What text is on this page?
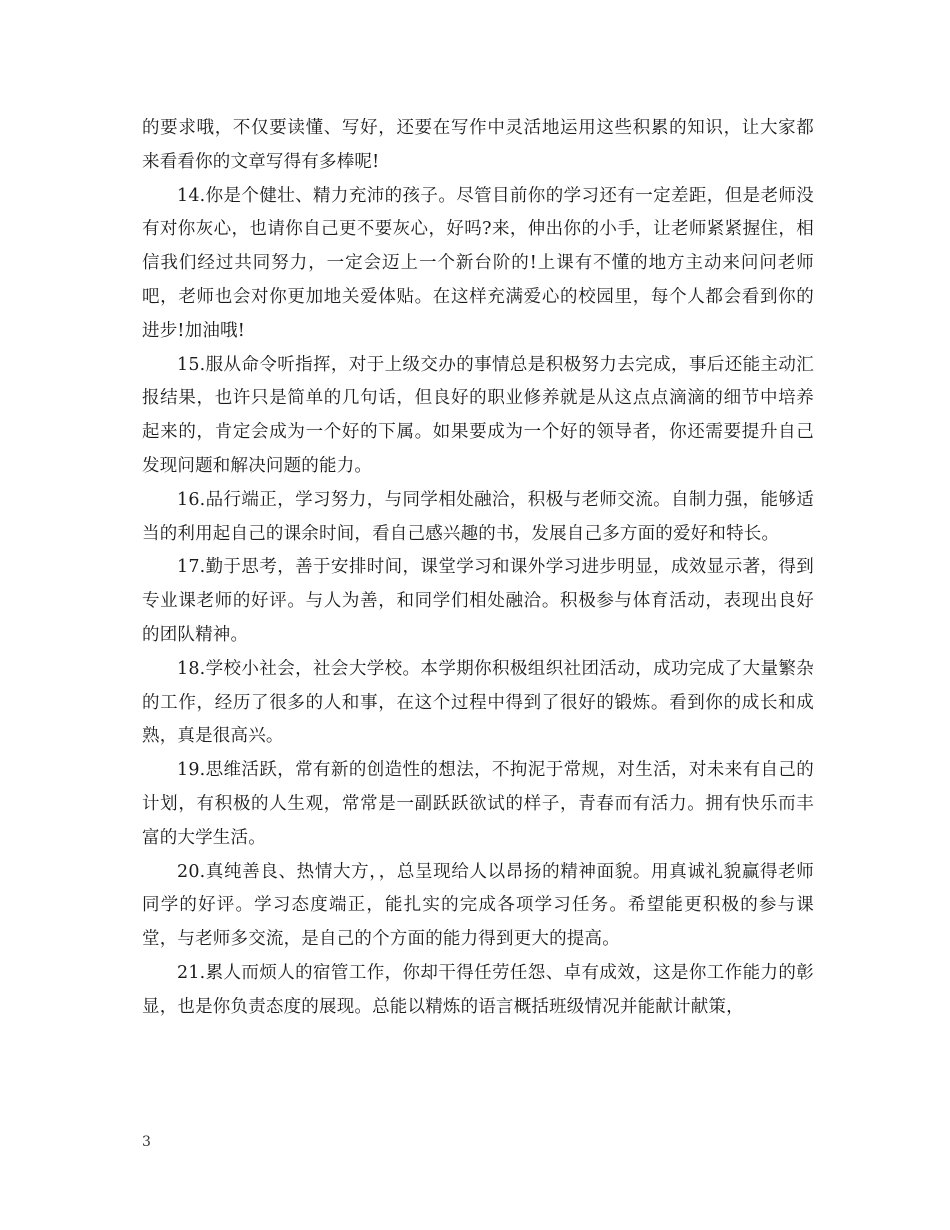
的要求哦，不仅要读懂、写好，还要在写作中灵活地运用这些积累的知识，让大家都来看看你的文章写得有多棒呢!

14.你是个健壮、精力充沛的孩子。尽管目前你的学习还有一定差距，但是老师没有对你灰心，也请你自己更不要灰心，好吗?来，伸出你的小手，让老师紧紧握住，相信我们经过共同努力，一定会迈上一个新台阶的!上课有不懂的地方主动来问问老师吧，老师也会对你更加地关爱体贴。在这样充满爱心的校园里，每个人都会看到你的进步!加油哦!

15.服从命令听指挥，对于上级交办的事情总是积极努力去完成，事后还能主动汇报结果，也许只是简单的几句话，但良好的职业修养就是从这点点滴滴的细节中培养起来的，肯定会成为一个好的下属。如果要成为一个好的领导者，你还需要提升自己发现问题和解决问题的能力。

16.品行端正，学习努力，与同学相处融洽，积极与老师交流。自制力强，能够适当的利用起自己的课余时间，看自己感兴趣的书，发展自己多方面的爱好和特长。

17.勤于思考，善于安排时间，课堂学习和课外学习进步明显，成效显示著，得到专业课老师的好评。与人为善，和同学们相处融洽。积极参与体育活动，表现出良好的团队精神。

18.学校小社会，社会大学校。本学期你积极组织社团活动，成功完成了大量繁杂的工作，经历了很多的人和事，在这个过程中得到了很好的锻炼。看到你的成长和成熟，真是很高兴。

19.思维活跃，常有新的创造性的想法，不拘泥于常规，对生活，对未来有自己的计划，有积极的人生观，常常是一副跃跃欲试的样子，青春而有活力。拥有快乐而丰富的大学生活。

20.真纯善良、热情大方，，总呈现给人以昂扬的精神面貌。用真诚礼貌赢得老师同学的好评。学习态度端正，能扎实的完成各项学习任务。希望能更积极的参与课堂，与老师多交流，是自己的个方面的能力得到更大的提高。

21.累人而烦人的宿管工作，你却干得任劳任怨、卓有成效，这是你工作能力的彰显，也是你负责态度的展现。总能以精炼的语言概括班级情况并能献计献策，

3
